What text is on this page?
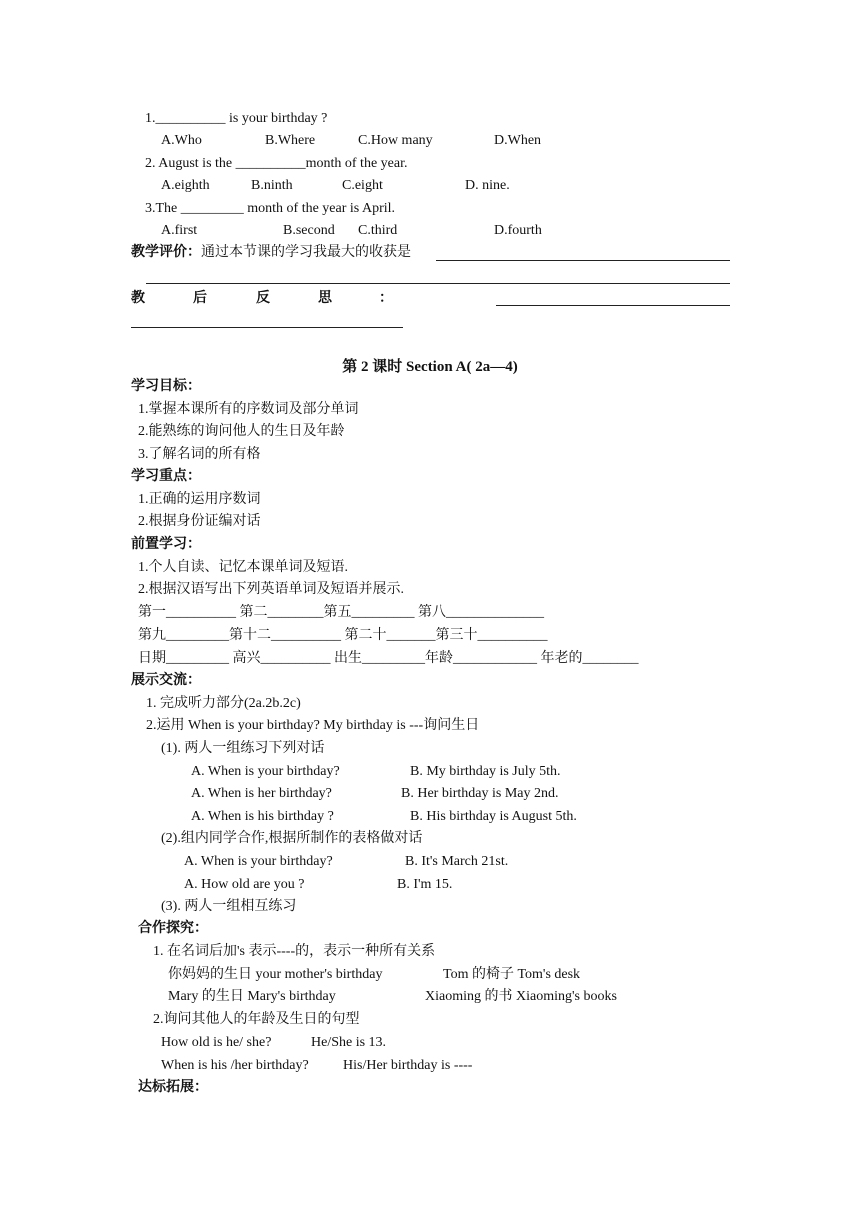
1.__________ is your birthday ?
A.Who	B.Where	C.How many	D.When
2. August is the __________month of the year.
A.eighth	B.ninth	C.eight	D. nine.
3.The _________ month of the year is April.
A.first	B.second C.third	D.fourth
教学评价：通过本节课的学习我最大的收获是
教	后	反	思	：
第 2 课时 Section A( 2a—4)
学习目标：
1.掌握本课所有的序数词及部分单词
2.能熟练的询问他人的生日及年龄
3.了解名词的所有格
学习重点：
1.正确的运用序数词
2.根据身份证编对话
前置学习：
1.个人自读、记忆本课单词及短语.
2.根据汉语写出下列英语单词及短语并展示.
第一__________ 第二________第五_________ 第八______________
第九_________第十二__________ 第二十_______第三十__________
日期_________ 高兴__________ 出生_________年龄____________ 年老的________
展示交流：
1. 完成听力部分(2a.2b.2c)
2.运用 When is your birthday? My birthday is ---询问生日
(1). 两人一组练习下列对话
A. When is your birthday?	B. My birthday is July 5th.
A. When is her birthday?	B. Her birthday is May 2nd.
A. When is his birthday ?	B. His birthday is August 5th.
(2).组内同学合作,根据所制作的表格做对话
A. When is your birthday?	B. It's March 21st.
A. How old are you ?	B. I'm 15.
(3). 两人一组相互练习
合作探究：
1. 在名词后加's 表示----的，表示一种所有关系
你妈妈的生日 your mother's birthday	Tom 的椅子 Tom's desk
Mary 的生日 Mary's birthday	Xiaoming 的书 Xiaoming's books
2.询问其他人的年龄及生日的句型
How old is he/ she?	He/She is 13.
When is his /her birthday? His/Her birthday is ----
达标拓展：
